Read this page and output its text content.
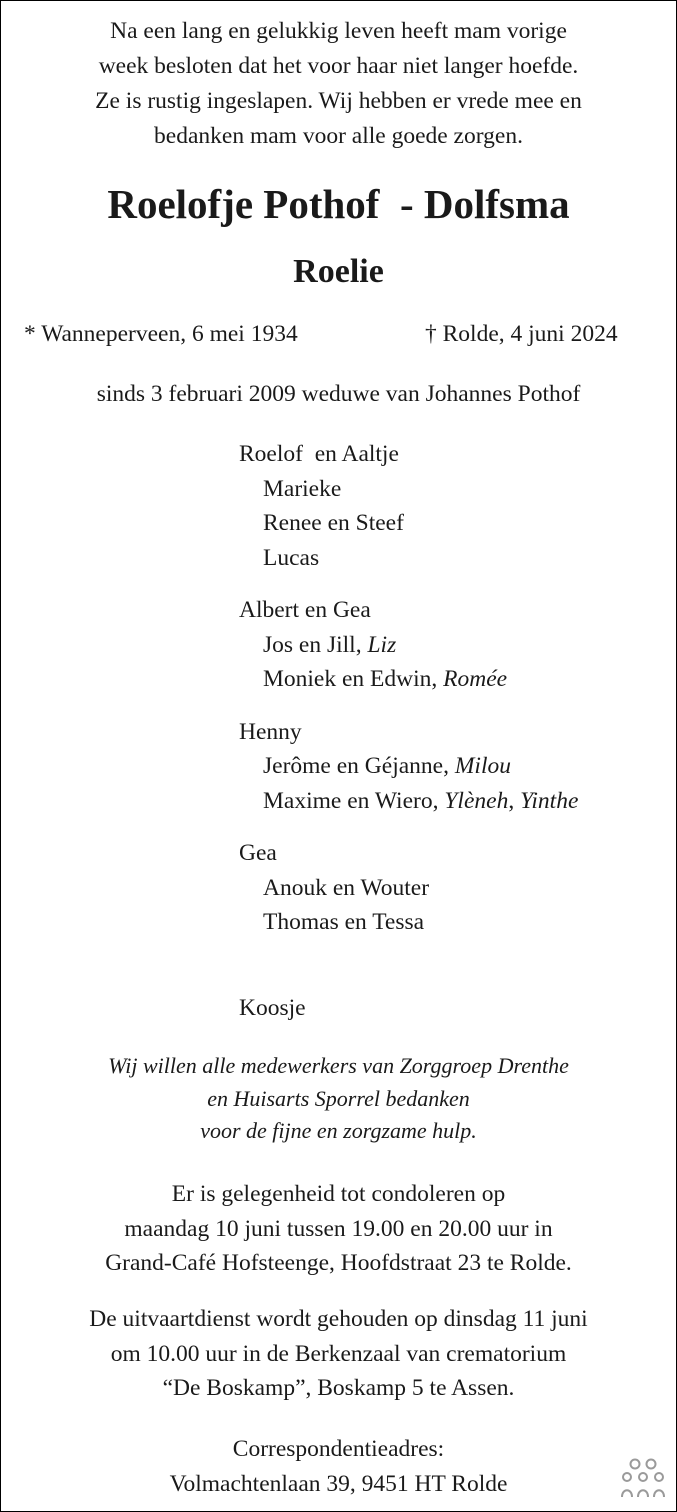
Na een lang en gelukkig leven heeft mam vorige
week besloten dat het voor haar niet langer hoefde.
Ze is rustig ingeslapen. Wij hebben er vrede mee en
bedanken mam voor alle goede zorgen.
Roelofje Pothof  - Dolfsma
Roelie
* Wanneperveen, 6 mei 1934	† Rolde, 4 juni 2024
sinds 3 februari 2009 weduwe van Johannes Pothof
Roelof  en Aaltje
Marieke
Renee en Steef
Lucas
Albert en Gea
Jos en Jill, Liz
Moniek en Edwin, Romée
Henny
Jerôme en Géjanne, Milou
Maxime en Wiero, Ylèneh, Yinthe
Gea
Anouk en Wouter
Thomas en Tessa
Koosje
Wij willen alle medewerkers van Zorggroep Drenthe
en Huisarts Sporrel bedanken
voor de fijne en zorgzame hulp.
Er is gelegenheid tot condoleren op
maandag 10 juni tussen 19.00 en 20.00 uur in
Grand-Café Hofsteenge, Hoofdstraat 23 te Rolde.
De uitvaartdienst wordt gehouden op dinsdag 11 juni
om 10.00 uur in de Berkenzaal van crematorium
“De Boskamp”, Boskamp 5 te Assen.
Correspondentieadres:
Volmachtenlaan 39, 9451 HT Rolde
